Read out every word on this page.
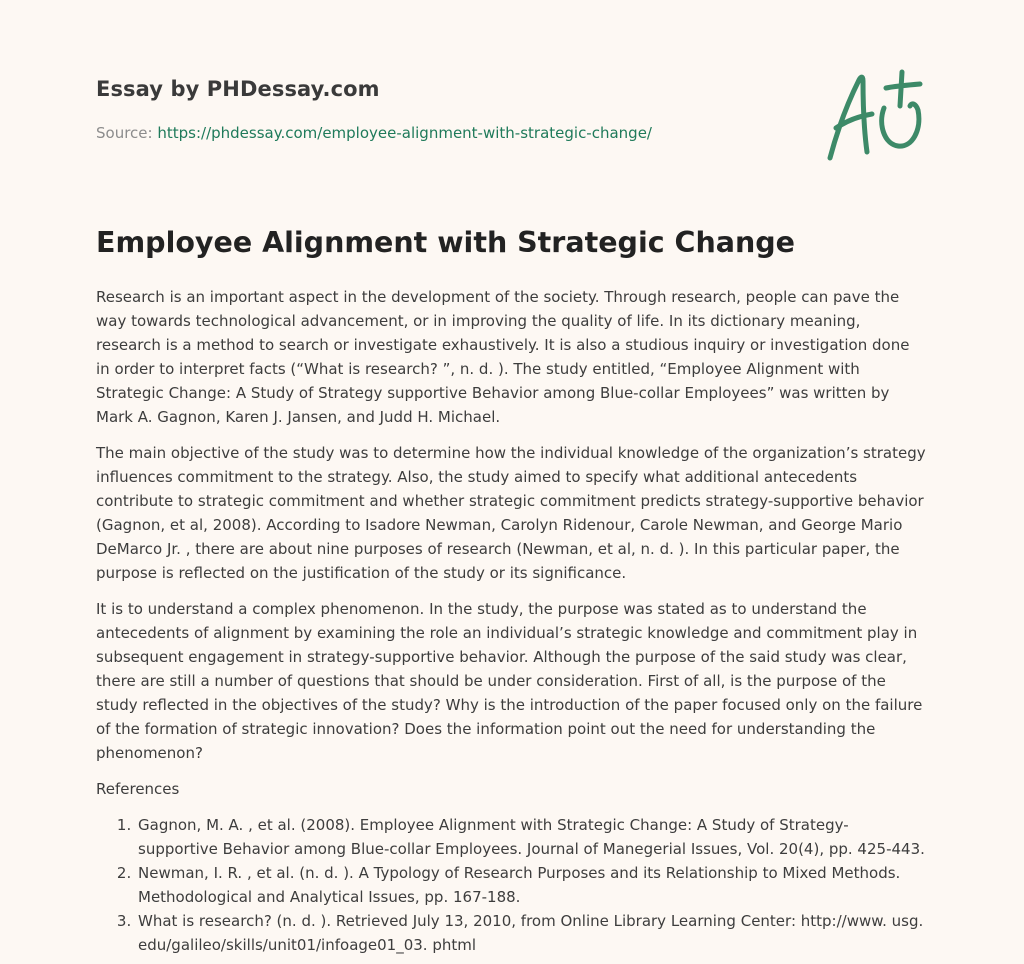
Essay by PHDessay.com
Source: https://phdessay.com/employee-alignment-with-strategic-change/
Employee Alignment with Strategic Change

Research is an important aspect in the development of the society. Through research, people can pave the way towards technological advancement, or in improving the quality of life. In its dictionary meaning, research is a method to search or investigate exhaustively. It is also a studious inquiry or investigation done in order to interpret facts (“What is research? ”, n. d. ). The study entitled, “Employee Alignment with Strategic Change: A Study of Strategy supportive Behavior among Blue-collar Employees” was written by Mark A. Gagnon, Karen J. Jansen, and Judd H. Michael.

The main objective of the study was to determine how the individual knowledge of the organization’s strategy influences commitment to the strategy. Also, the study aimed to specify what additional antecedents contribute to strategic commitment and whether strategic commitment predicts strategy-supportive behavior (Gagnon, et al, 2008). According to Isadore Newman, Carolyn Ridenour, Carole Newman, and George Mario DeMarco Jr. , there are about nine purposes of research (Newman, et al, n. d. ). In this particular paper, the purpose is reflected on the justification of the study or its significance.

It is to understand a complex phenomenon. In the study, the purpose was stated as to understand the antecedents of alignment by examining the role an individual’s strategic knowledge and commitment play in subsequent engagement in strategy-supportive behavior. Although the purpose of the said study was clear, there are still a number of questions that should be under consideration. First of all, is the purpose of the study reflected in the objectives of the study? Why is the introduction of the paper focused only on the failure of the formation of strategic innovation? Does the information point out the need for understanding the phenomenon?

References

1. Gagnon, M. A. , et al. (2008). Employee Alignment with Strategic Change: A Study of Strategy- supportive Behavior among Blue-collar Employees. Journal of Manegerial Issues, Vol. 20(4), pp. 425-443.
2. Newman, I. R. , et al. (n. d. ). A Typology of Research Purposes and its Relationship to Mixed Methods. Methodological and Analytical Issues, pp. 167-188.
3. What is research? (n. d. ). Retrieved July 13, 2010, from Online Library Learning Center: http://www. usg. edu/galileo/skills/unit01/infoage01_03. phtml
